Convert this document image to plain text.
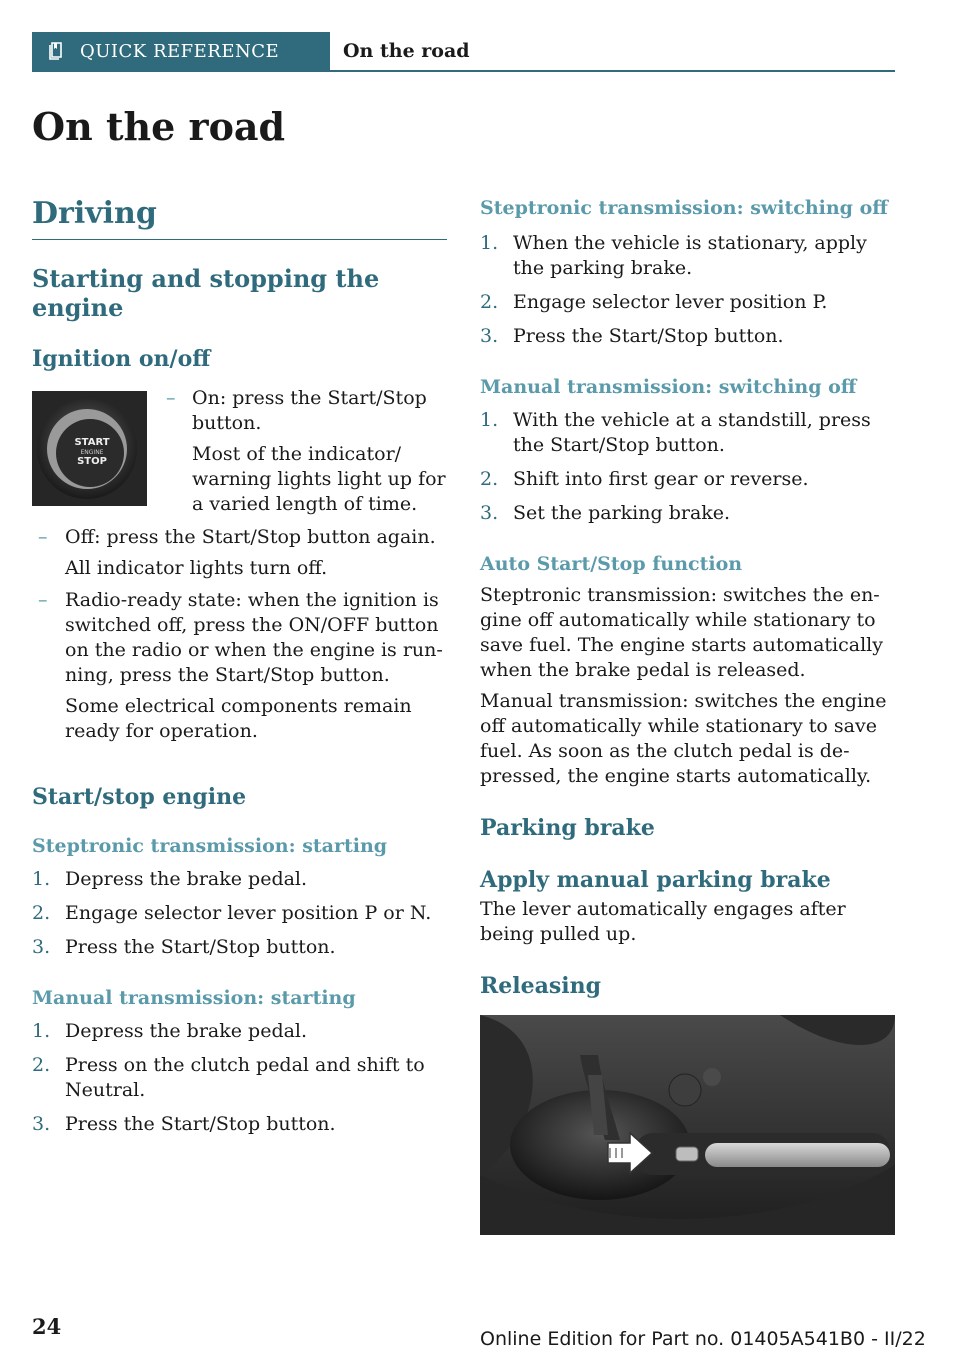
QUICK REFERENCE	On the road
On the road
Driving
Starting and stopping the engine
Ignition on/off
START
ENGINE
STOP
– On: press the Start/Stop button.

Most of the indicator/ warning lights light up for a varied length of time.

– Off: press the Start/Stop button again.

All indicator lights turn off.

– Radio-ready state: when the ignition is switched off, press the ON/OFF button on the radio or when the engine is run-ning, press the Start/Stop button.

Some electrical components remain ready for operation.

Start/stop engine

Steptronic transmission: starting

1. Depress the brake pedal.
2. Engage selector lever position P or N.
3. Press the Start/Stop button.

Manual transmission: starting

1. Depress the brake pedal.
2. Press on the clutch pedal and shift to Neutral.
3. Press the Start/Stop button.

Steptronic transmission: switching off

1. When the vehicle is stationary, apply the parking brake.
2. Engage selector lever position P.
3. Press the Start/Stop button.

Manual transmission: switching off

1. With the vehicle at a standstill, press the Start/Stop button.
2. Shift into first gear or reverse.
3. Set the parking brake.

Auto Start/Stop function

Steptronic transmission: switches the en-gine off automatically while stationary to save fuel. The engine starts automatically when the brake pedal is released.

Manual transmission: switches the engine off automatically while stationary to save fuel. As soon as the clutch pedal is de-pressed, the engine starts automatically.

Parking brake
Apply manual parking brake

The lever automatically engages after being pulled up.

Releasing
24	Online Edition for Part no. 01405A541B0 - II/22
